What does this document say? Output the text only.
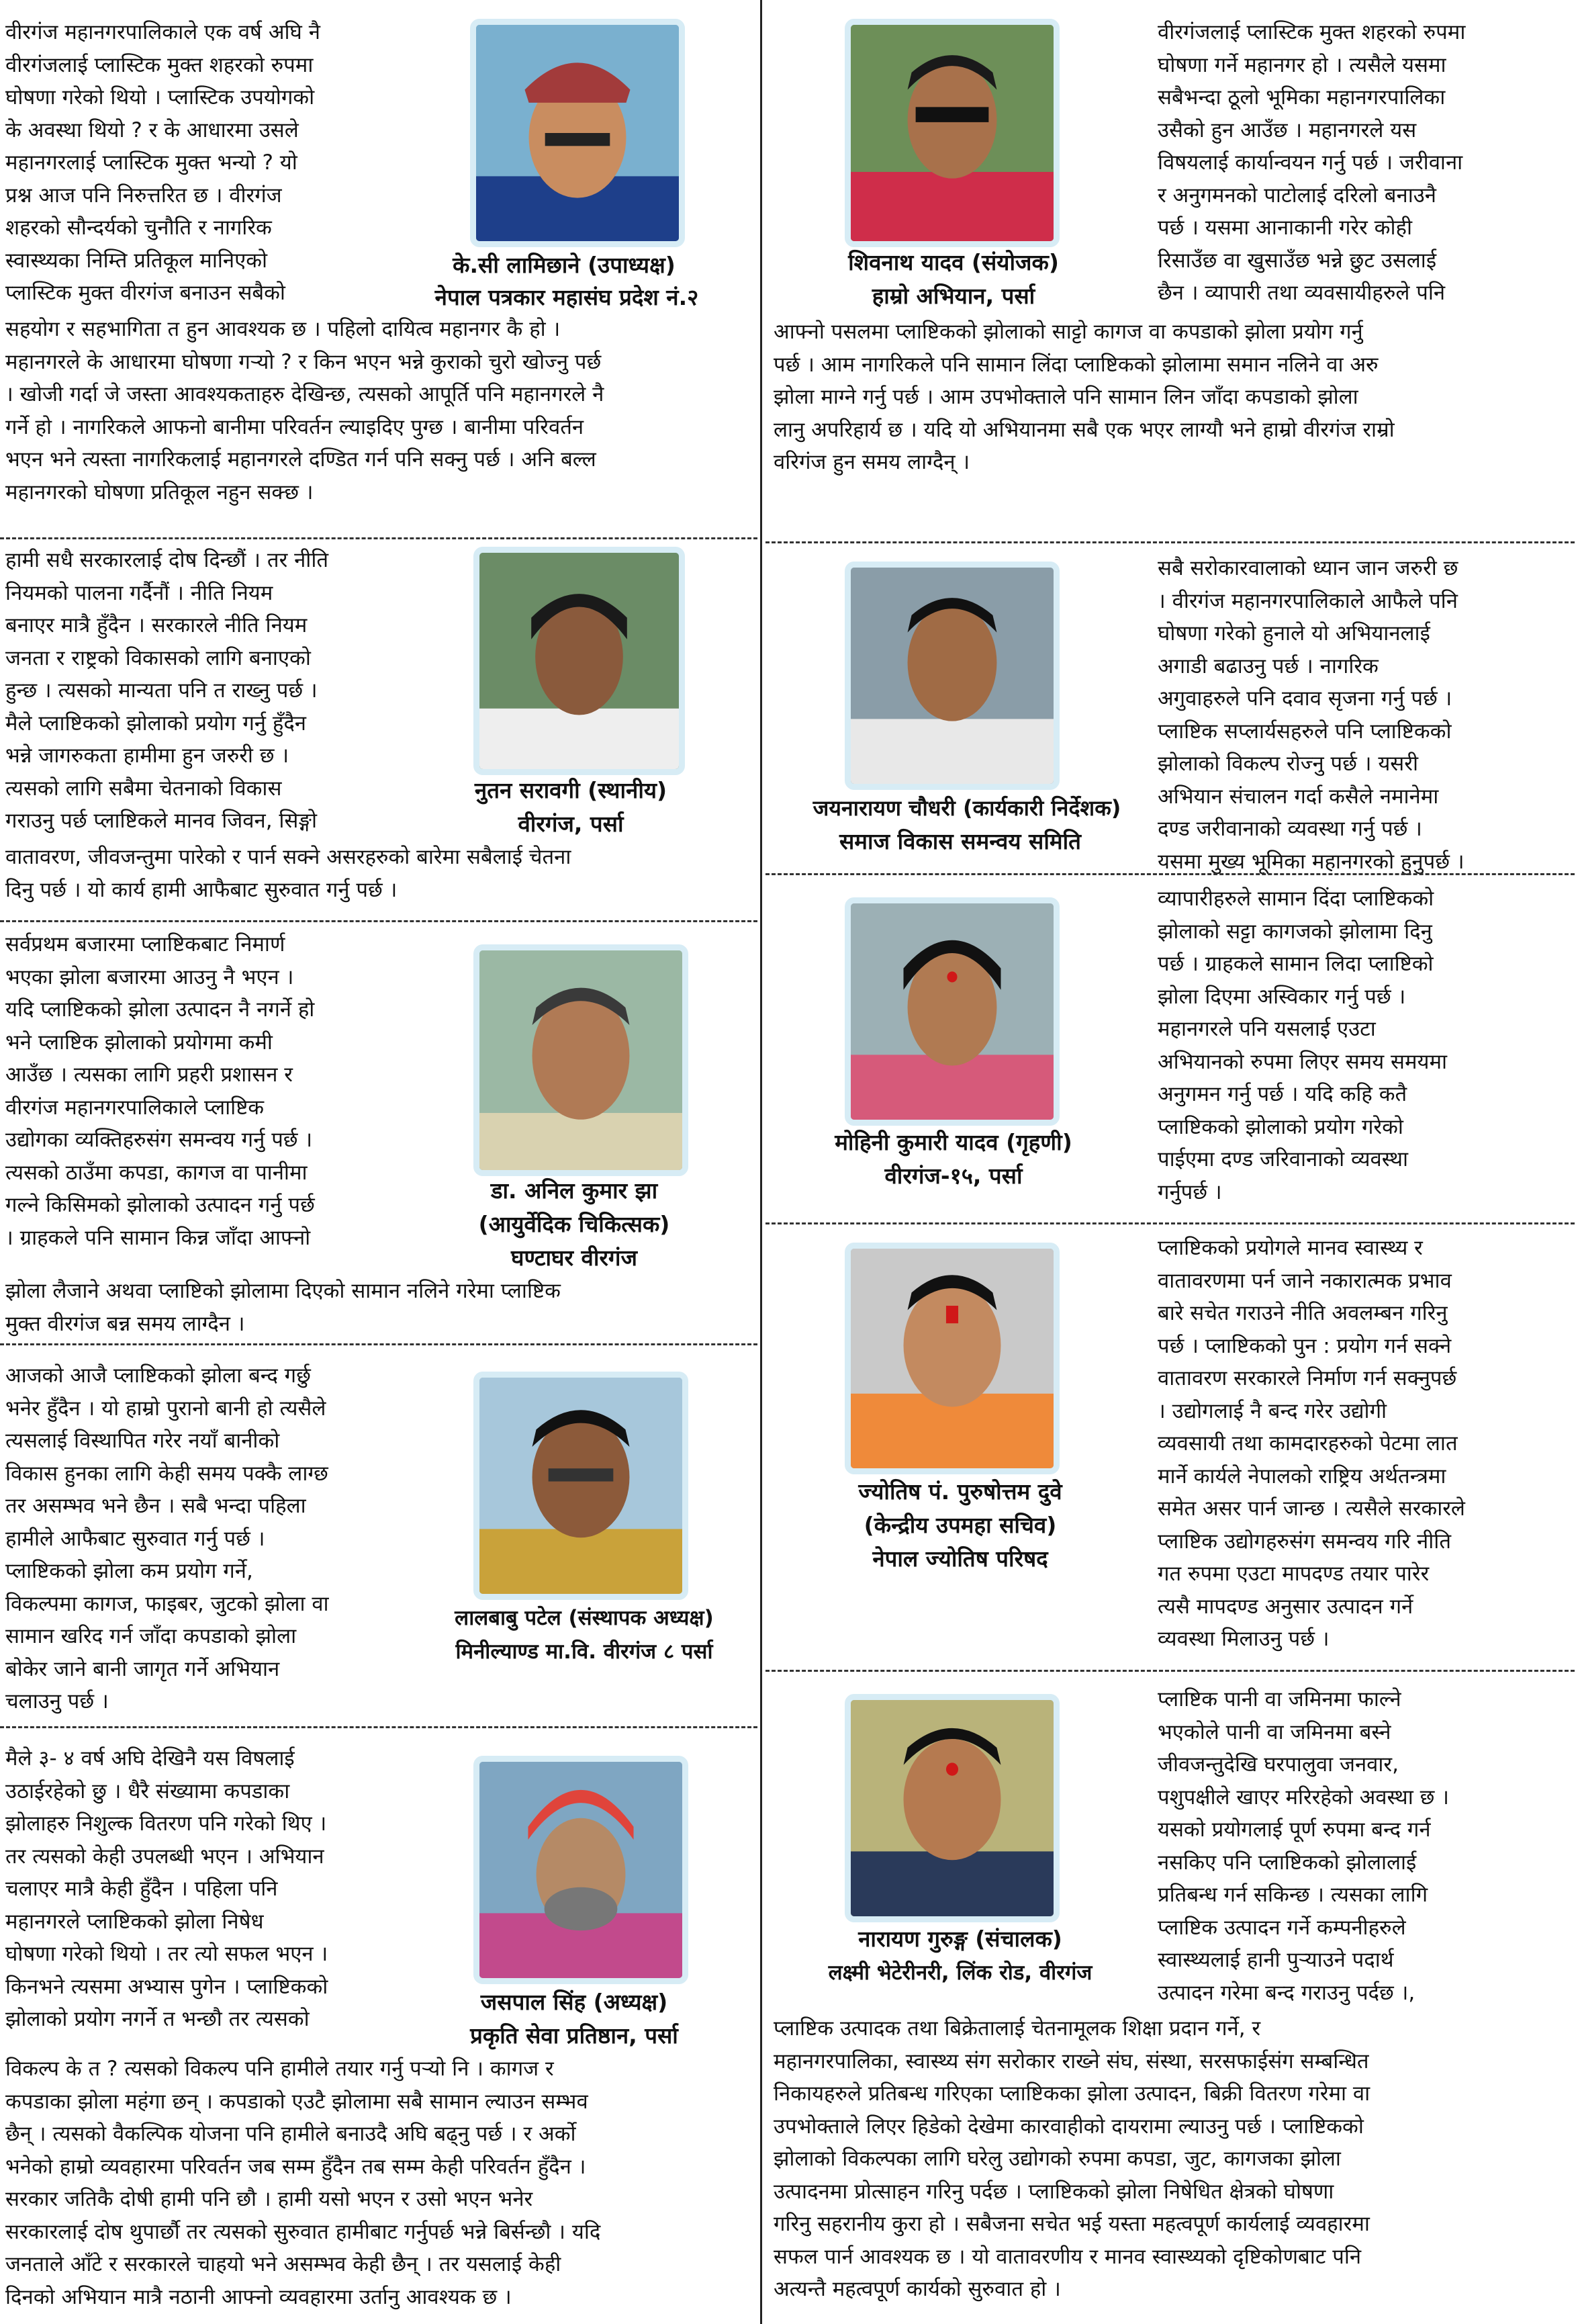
वीरगंज महानगरपालिकाले एक वर्ष अघि नै
वीरगंजलाई प्लास्टिक मुक्त शहरको रुपमा
घोषणा गरेको थियो । प्लास्टिक उपयोगको
के अवस्था थियो ? र के आधारमा उसले
महानगरलाई प्लास्टिक मुक्त भन्यो ? यो
प्रश्न आज पनि निरुत्तरित छ । वीरगंज
शहरको सौन्दर्यको चुनौति र नागरिक
स्वास्थ्यका निम्ति प्रतिकूल मानिएको
प्लास्टिक मुक्त वीरगंज बनाउन सबैको
के.सी लामिछाने (उपाध्यक्ष)
नेपाल पत्रकार महासंघ प्रदेश नं.२
सहयोग र सहभागिता त हुन आवश्यक छ । पहिलो दायित्व महानगर कै हो ।
महानगरले के आधारमा घोषणा गर्‍यो ? र किन भएन भन्ने कुराको चुरो खोज्नु पर्छ
। खोजी गर्दा जे जस्ता आवश्यकताहरु देखिन्छ, त्यसको आपूर्ति पनि महानगरले नै
गर्ने हो । नागरिकले आफनो बानीमा परिवर्तन ल्याइदिए पुग्छ । बानीमा परिवर्तन
भएन भने त्यस्ता नागरिकलाई महानगरले दण्डित गर्न पनि सक्नु पर्छ । अनि बल्ल
महानगरको घोषणा प्रतिकूल नहुन सक्छ ।
हामी सधै सरकारलाई दोष दिन्छौं । तर नीति
नियमको पालना गर्दैनौं । नीति नियम
बनाएर मात्रै हुँदैन । सरकारले नीति नियम
जनता र राष्ट्रको विकासको लागि बनाएको
हुन्छ । त्यसको मान्यता पनि त राख्नु पर्छ ।
मैले प्लाष्टिकको झोलाको प्रयोग गर्नु हुँदैन
भन्ने जागरुकता हामीमा हुन जरुरी छ ।
त्यसको लागि सबैमा चेतनाको विकास
गराउनु पर्छ प्लाष्टिकले मानव जिवन, सिङ्गो
नुतन सरावगी (स्थानीय)
वीरगंज, पर्सा
वातावरण, जीवजन्तुमा पारेको र पार्न सक्ने असरहरुको बारेमा सबैलाई चेतना
दिनु पर्छ । यो कार्य हामी आफैबाट सुरुवात गर्नु पर्छ ।
सर्वप्रथम बजारमा प्लाष्टिकबाट निमार्ण
भएका झोला बजारमा आउनु नै भएन ।
यदि प्लाष्टिकको झोला उत्पादन नै नगर्ने हो
भने प्लाष्टिक झोलाको प्रयोगमा कमी
आउँछ । त्यसका लागि प्रहरी प्रशासन र
वीरगंज महानगरपालिकाले प्लाष्टिक
उद्योगका व्यक्तिहरुसंग समन्वय गर्नु पर्छ ।
त्यसको ठाउँमा कपडा, कागज वा पानीमा
गल्ने किसिमको झोलाको उत्पादन गर्नु पर्छ
। ग्राहकले पनि सामान किन्न जाँदा आफ्नो
डा. अनिल कुमार झा
(आयुर्वेदिक चिकित्सक)
घण्टाघर वीरगंज
झोला लैजाने अथवा प्लाष्टिको झोलामा दिएको सामान नलिने गरेमा प्लाष्टिक
मुक्त वीरगंज बन्न समय लाग्दैन ।
आजको आजै प्लाष्टिकको झोला बन्द गर्छु
भनेर हुँदैन । यो हाम्रो पुरानो बानी हो त्यसैले
त्यसलाई विस्थापित गरेर नयाँ बानीको
विकास हुनका लागि केही समय पक्कै लाग्छ
तर असम्भव भने छैन । सबै भन्दा पहिला
हामीले आफैबाट सुरुवात गर्नु पर्छ ।
प्लाष्टिकको झोला कम प्रयोग गर्ने,
विकल्पमा कागज, फाइबर, जुटको झोला वा
सामान खरिद गर्न जाँदा कपडाको झोला
बोकेर जाने बानी जागृत गर्ने अभियान
चलाउनु पर्छ ।
लालबाबु पटेल (संस्थापक अध्यक्ष)
मिनील्याण्ड मा.वि. वीरगंज ८ पर्सा
मैले ३- ४ वर्ष अघि देखिनै यस विषलाई
उठाईरहेको छु । धैरै संख्यामा कपडाका
झोलाहरु निशुल्क वितरण पनि गरेको थिए ।
तर त्यसको केही उपलब्धी भएन । अभियान
चलाएर मात्रै केही हुँदैन । पहिला पनि
महानगरले प्लाष्टिकको झोला निषेध
घोषणा गरेको थियो । तर त्यो सफल भएन ।
किनभने त्यसमा अभ्यास पुगेन । प्लाष्टिकको
झोलाको प्रयोग नगर्ने त भन्छौ तर त्यसको
जसपाल सिंह (अध्यक्ष)
प्रकृति सेवा प्रतिष्ठान, पर्सा
विकल्प के त ? त्यसको विकल्प पनि हामीले तयार गर्नु पर्‍यो नि । कागज र
कपडाका झोला महंगा छन् । कपडाको एउटै झोलामा सबै सामान ल्याउन सम्भव
छैन् । त्यसको वैकल्पिक योजना पनि हामीले बनाउदै अघि बढ्नु पर्छ । र अर्को
भनेको हाम्रो व्यवहारमा परिवर्तन जब सम्म हुँदैन तब सम्म केही परिवर्तन हुँदैन ।
सरकार जतिकै दोषी हामी पनि छौ । हामी यसो भएन र उसो भएन भनेर
सरकारलाई दोष थुपार्छौ तर त्यसको सुरुवात हामीबाट गर्नुपर्छ भन्ने बिर्सन्छौ । यदि
जनताले आँटे र सरकारले चाहयो भने असम्भव केही छैन् । तर यसलाई केही
दिनको अभियान मात्रै नठानी आफ्नो व्यवहारमा उर्तानु आवश्यक छ ।
शिवनाथ यादव (संयोजक)
हाम्रो अभियान, पर्सा
वीरगंजलाई प्लास्टिक मुक्त शहरको रुपमा
घोषणा गर्ने महानगर हो । त्यसैले यसमा
सबैभन्दा ठूलो भूमिका महानगरपालिका
उसैको हुन आउँछ । महानगरले यस
विषयलाई कार्यान्वयन गर्नु पर्छ । जरीवाना
र अनुगमनको पाटोलाई दरिलो बनाउनै
पर्छ । यसमा आनाकानी गरेर कोही
रिसाउँछ वा खुसाउँछ भन्ने छुट उसलाई
छैन । व्यापारी तथा व्यवसायीहरुले पनि
आफ्नो पसलमा प्लाष्टिकको झोलाको साट्टो कागज वा कपडाको झोला प्रयोग गर्नु
पर्छ । आम नागरिकले पनि सामान लिंदा प्लाष्टिकको झोलामा समान नलिने वा अरु
झोला माग्ने गर्नु पर्छ । आम उपभोक्ताले पनि सामान लिन जाँदा कपडाको झोला
लानु अपरिहार्य छ । यदि यो अभियानमा सबै एक भएर लाग्यौ भने हाम्रो वीरगंज राम्रो
वरिगंज हुन समय लाग्दैन् ।
जयनारायण चौधरी (कार्यकारी निर्देशक)
समाज विकास समन्वय समिति
सबै सरोकारवालाको ध्यान जान जरुरी छ
। वीरगंज महानगरपालिकाले आफैले पनि
घोषणा गरेको हुनाले यो अभियानलाई
अगाडी बढाउनु पर्छ । नागरिक
अगुवाहरुले पनि दवाव सृजना गर्नु पर्छ ।
प्लाष्टिक सप्लार्यसहरुले पनि प्लाष्टिकको
झोलाको विकल्प रोज्नु पर्छ । यसरी
अभियान संचालन गर्दा कसैले नमानेमा
दण्ड जरीवानाको व्यवस्था गर्नु पर्छ ।
यसमा मुख्य भूमिका महानगरको हुनुपर्छ ।
मोहिनी कुमारी यादव (गृहणी)
वीरगंज-१५, पर्सा
व्यापारीहरुले सामान दिंदा प्लाष्टिकको
झोलाको सट्टा कागजको झोलामा दिनु
पर्छ । ग्राहकले सामान लिदा प्लाष्टिको
झोला दिएमा अस्विकार गर्नु पर्छ ।
महानगरले पनि यसलाई एउटा
अभियानको रुपमा लिएर समय समयमा
अनुगमन गर्नु पर्छ । यदि कहि कतै
प्लाष्टिकको झोलाको प्रयोग गरेको
पाईएमा दण्ड जरिवानाको व्यवस्था
गर्नुपर्छ ।
ज्योतिष पं. पुरुषोत्तम दुवे
(केन्द्रीय उपमहा सचिव)
नेपाल ज्योतिष परिषद
प्लाष्टिकको प्रयोगले मानव स्वास्थ्य र
वातावरणमा पर्न जाने नकारात्मक प्रभाव
बारे सचेत गराउने नीति अवलम्बन गरिनु
पर्छ । प्लाष्टिकको पुन : प्रयोग गर्न सक्ने
वातावरण सरकारले निर्माण गर्न सक्नुपर्छ
। उद्योगलाई नै बन्द गरेर उद्योगी
व्यवसायी तथा कामदारहरुको पेटमा लात
मार्ने कार्यले नेपालको राष्ट्रिय अर्थतन्त्रमा
समेत असर पार्न जान्छ । त्यसैले सरकारले
प्लाष्टिक उद्योगहरुसंग समन्वय गरि नीति
गत रुपमा एउटा मापदण्ड तयार पारेर
त्यसै मापदण्ड अनुसार उत्पादन गर्ने
व्यवस्था मिलाउनु पर्छ ।
नारायण गुरुङ्ग (संचालक)
लक्ष्मी भेटेरीनरी, लिंक रोड, वीरगंज
प्लाष्टिक पानी वा जमिनमा फाल्ने
भएकोले पानी वा जमिनमा बस्ने
जीवजन्तुदेखि घरपालुवा जनवार,
पशुपक्षीले खाएर मरिरहेको अवस्था छ ।
यसको प्रयोगलाई पूर्ण रुपमा बन्द गर्न
नसकिए पनि प्लाष्टिकको झोलालाई
प्रतिबन्ध गर्न सकिन्छ । त्यसका लागि
प्लाष्टिक उत्पादन गर्ने कम्पनीहरुले
स्वास्थ्यलाई हानी पुर्‍याउने पदार्थ
उत्पादन गरेमा बन्द गराउनु पर्दछ ।,
प्लाष्टिक उत्पादक तथा बिक्रेतालाई चेतनामूलक शिक्षा प्रदान गर्ने, र
महानगरपालिका, स्वास्थ्य संग सरोकार राख्ने संघ, संस्था, सरसफाईसंग सम्बन्धित
निकायहरुले प्रतिबन्ध गरिएका प्लाष्टिकका झोला उत्पादन, बिक्री वितरण गरेमा वा
उपभोक्ताले लिएर हिडेको देखेमा कारवाहीको दायरामा ल्याउनु पर्छ । प्लाष्टिकको
झोलाको विकल्पका लागि घरेलु उद्योगको रुपमा कपडा, जुट, कागजका झोला
उत्पादनमा प्रोत्साहन गरिनु पर्दछ । प्लाष्टिकको झोला निषेधित क्षेत्रको घोषणा
गरिनु सहरानीय कुरा हो । सबैजना सचेत भई यस्ता महत्वपूर्ण कार्यलाई व्यवहारमा
सफल पार्न आवश्यक छ । यो वातावरणीय र मानव स्वास्थ्यको दृष्टिकोणबाट पनि
अत्यन्तै महत्वपूर्ण कार्यको सुरुवात हो ।
